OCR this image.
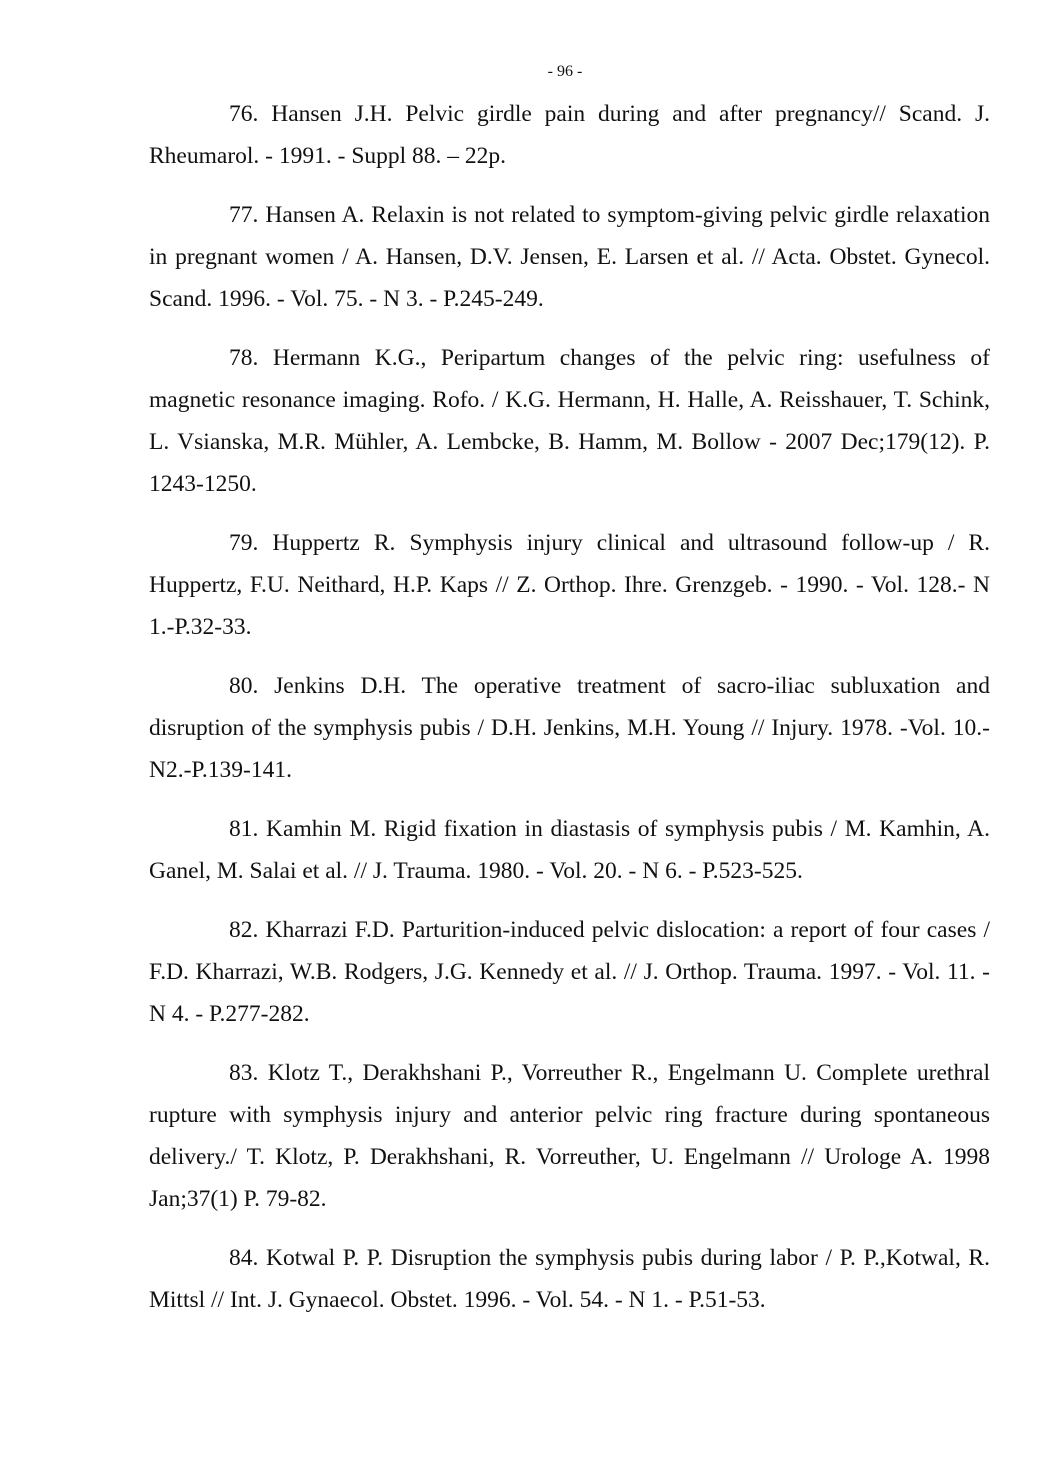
- 96 -

76. Hansen J.H. Pelvic girdle pain during and after pregnancy// Scand. J. Rheumarol. - 1991. - Suppl 88. – 22p.

77. Hansen A. Relaxin is not related to symptom-giving pelvic girdle relaxation in pregnant women / A. Hansen, D.V. Jensen, E. Larsen et al. // Acta. Obstet. Gynecol. Scand. 1996. - Vol. 75. - N 3. - P.245-249.

78. Hermann K.G., Peripartum changes of the pelvic ring: usefulness of magnetic resonance imaging. Rofo. / K.G. Hermann, H. Halle, A. Reisshauer, T. Schink, L. Vsianska, M.R. Mühler, A. Lembcke, B. Hamm, M. Bollow - 2007 Dec;179(12). P. 1243-1250.

79. Huppertz R. Symphysis injury clinical and ultrasound follow-up / R. Huppertz, F.U. Neithard, H.P. Kaps // Z. Orthop. Ihre. Grenzgeb. - 1990. - Vol. 128.- N 1.-P.32-33.

80. Jenkins D.H. The operative treatment of sacro-iliac subluxation and disruption of the symphysis pubis / D.H. Jenkins, M.H. Young // Injury. 1978. -Vol. 10.-N2.-P.139-141.

81. Kamhin M. Rigid fixation in diastasis of symphysis pubis / M. Kamhin, A. Ganel, M. Salai et al. // J. Trauma. 1980. - Vol. 20. - N 6. - P.523-525.

82. Kharrazi F.D. Parturition-induced pelvic dislocation: a report of four cases / F.D. Kharrazi, W.B. Rodgers, J.G. Kennedy et al. // J. Orthop. Trauma. 1997. - Vol. 11. - N 4. - P.277-282.

83. Klotz T., Derakhshani P., Vorreuther R., Engelmann U. Complete urethral rupture with symphysis injury and anterior pelvic ring fracture during spontaneous delivery./ T. Klotz, P. Derakhshani, R. Vorreuther, U. Engelmann // Urologe A. 1998 Jan;37(1) P. 79-82.

84. Kotwal P. P. Disruption the symphysis pubis during labor / P. P.,Kotwal, R. Mittsl // Int. J. Gynaecol. Obstet. 1996. - Vol. 54. - N 1. - P.51-53.
